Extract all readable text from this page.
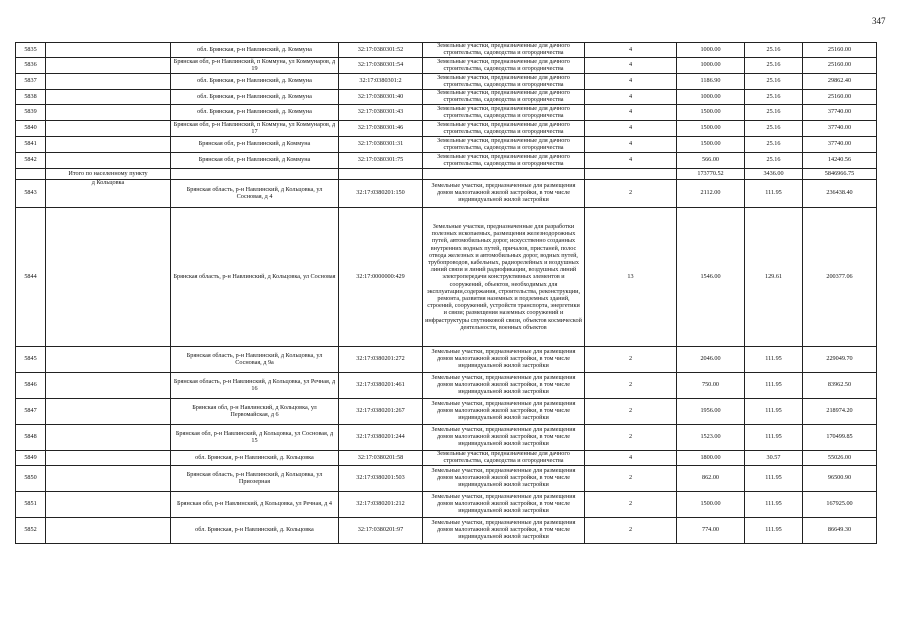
347
5835		обл. Брянская, р-н Навлинский, д. Коммуна	32:17:0380301:52	Земельные участки, предназначенные для дачного строительства, садоводства и огородничества	4	1000.00	25.16	25160.00
5836		Брянская обл, р-н Навлинский, п Коммуна, ул Коммунаров, д 19	32:17:0380301:54	Земельные участки, предназначенные для дачного строительства, садоводства и огородничества	4	1000.00	25.16	25160.00
5837		обл. Брянская, р-н Навлинский, д. Коммуна	32:17:0380301:2	Земельные участки, предназначенные для дачного строительства, садоводства и огородничества	4	1186.90	25.16	29862.40
5838		обл. Брянская, р-н Навлинский, д. Коммуна	32:17:0380301:40	Земельные участки, предназначенные для дачного строительства, садоводства и огородничества	4	1000.00	25.16	25160.00
5839		обл. Брянская, р-н Навлинский, д. Коммуна	32:17:0380301:43	Земельные участки, предназначенные для дачного строительства, садоводства и огородничества	4	1500.00	25.16	37740.00
5840		Брянская обл, р-н Навлинский, п Коммуна, ул Коммунаров, д 17	32:17:0380301:46	Земельные участки, предназначенные для дачного строительства, садоводства и огородничества	4	1500.00	25.16	37740.00
5841		Брянская обл, р-н Навлинский, д Коммуна	32:17:0380301:31	Земельные участки, предназначенные для дачного строительства, садоводства и огородничества	4	1500.00	25.16	37740.00
5842		Брянская обл, р-н Навлинский, д Коммуна	32:17:0380301:75	Земельные участки, предназначенные для дачного строительства, садоводства и огородничества	4	566.00	25.16	14240.56
	Итого по населенному пункту					173770.52	3436.00	5846966.75
5843	д Кольцовка	Брянская область, р-н Навлинский, д Кольцовка, ул Сосновая, д 4	32:17:0380201:150	Земельные участки, предназначенные для размещения домов малоэтажной жилой застройки, в том числе индивидуальной жилой застройки	2	2112.00	111.95	236438.40
5844		Брянская область, р-н Навлинский, д Кольцовка, ул Сосновая	32:17:0000000:429	Земельные участки, предназначенные для разработки полезных ископаемых, размещения железнодорожных путей, автомобильных дорог, искусственно созданных внутренних водных путей, причалов, пристаней, полос отвода железных и автомобильных дорог, водных путей, трубопроводов, кабельных, радиорелейных и воздушных линий связи и линий радиофикации, воздушных линий электропередачи конструктивных элементов и сооружений, объектов, необходимых для эксплуатации,содержания, строительства, реконструкции, ремонта, развития наземных и подземных зданий, строений, сооружений, устройств транспорта, энергетики и связи; размещения наземных сооружений и инфраструктуры спутниковой связи, объектов космической деятельности, военных объектов	13	1546.00	129.61	200377.06
5845		Брянская область, р-н Навлинский, д Кольцовка, ул Сосновая, д 9а	32:17:0380201:272	Земельные участки, предназначенные для размещения домов малоэтажной жилой застройки, в том числе индивидуальной жилой застройки	2	2046.00	111.95	229049.70
5846		Брянская область, р-н Навлинский, д Кольцовка, ул Речная, д 16	32:17:0380201:461	Земельные участки, предназначенные для размещения домов малоэтажной жилой застройки, в том числе индивидуальной жилой застройки	2	750.00	111.95	83962.50
5847		Брянская обл, р-н Навлинский, д Кольцовка, ул Первомайская, д 6	32:17:0380201:267	Земельные участки, предназначенные для размещения домов малоэтажной жилой застройки, в том числе индивидуальной жилой застройки	2	1956.00	111.95	218974.20
5848		Брянская обл, р-н Навлинский, д Кольцовка, ул Сосновая, д 15	32:17:0380201:244	Земельные участки, предназначенные для размещения домов малоэтажной жилой застройки, в том числе индивидуальной жилой застройки	2	1523.00	111.95	170499.85
5849		обл. Брянская, р-н Навлинский, д. Кольцовка	32:17:0380201:58	Земельные участки, предназначенные для дачного строительства, садоводства и огородничества	4	1800.00	30.57	55026.00
5850		Брянская область, р-н Навлинский, д Кольцовка, ул Приозерная	32:17:0380201:503	Земельные участки, предназначенные для размещения домов малоэтажной жилой застройки, в том числе индивидуальной жилой застройки	2	862.00	111.95	96500.90
5851		Брянская обл, р-н Навлинский, д Кольцовка, ул Речная, д 4	32:17:0380201:212	Земельные участки, предназначенные для размещения домов малоэтажной жилой застройки, в том числе индивидуальной жилой застройки	2	1500.00	111.95	167925.00
5852		обл. Брянская, р-н Навлинский, д. Кольцовка	32:17:0380201:97	Земельные участки, предназначенные для размещения домов малоэтажной жилой застройки, в том числе индивидуальной жилой застройки	2	774.00	111.95	86649.30
